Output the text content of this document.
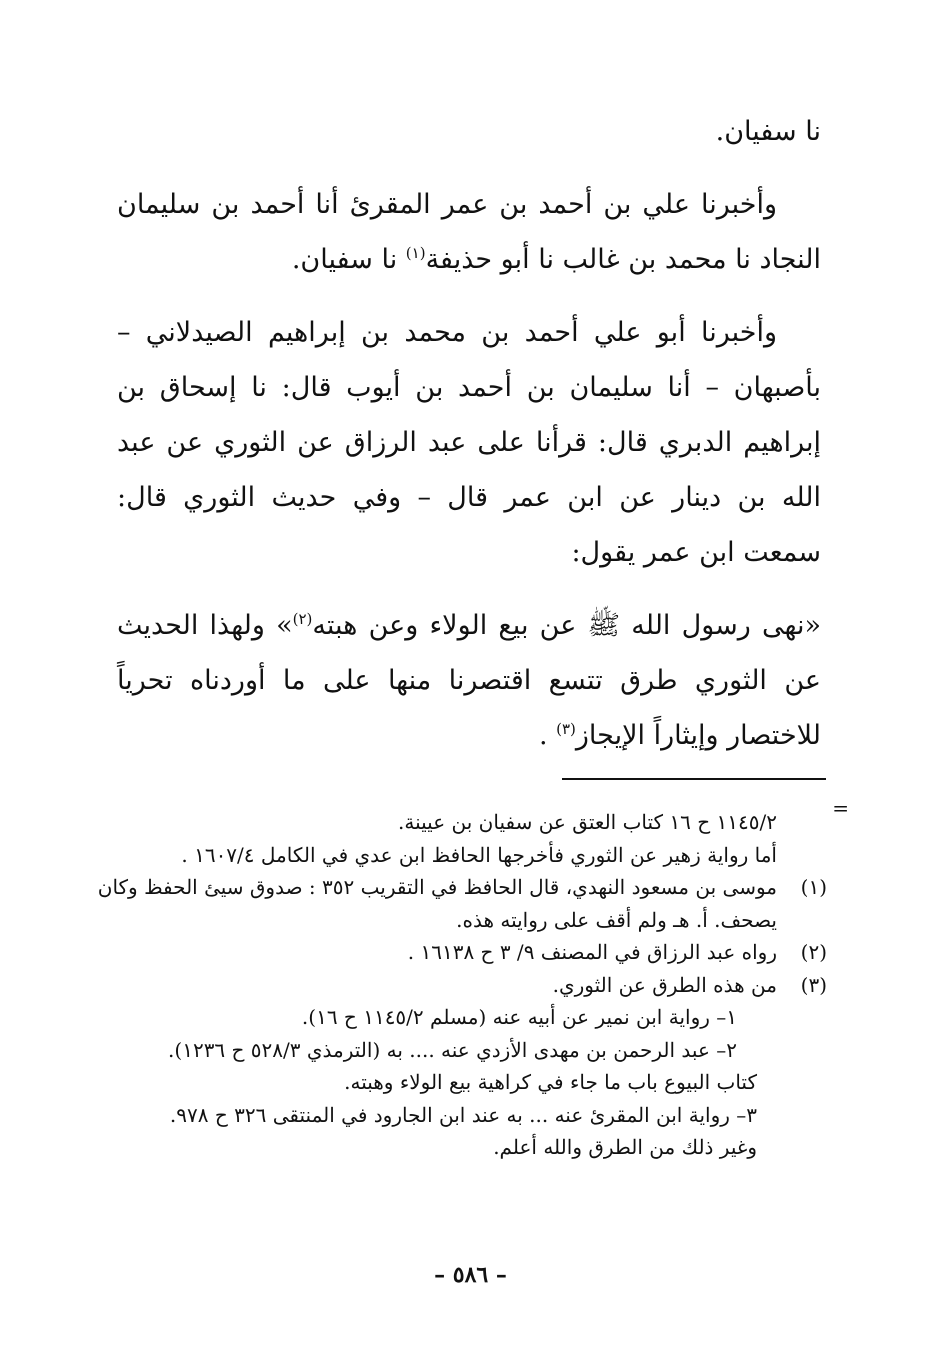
نا سفيان.

وأخبرنا علي بن أحمد بن عمر المقرئ أنا أحمد بن سليمان النجاد نا محمد بن غالب نا أبو حذيفة$^{(١)}$ نا سفيان.

وأخبرنا أبو علي أحمد بن محمد بن إبراهيم الصيدلاني – بأصبهان – أنا سليمان بن أحمد بن أيوب قال: نا إسحاق بن إبراهيم الدبري قال: قرأنا على عبد الرزاق عن الثوري عن عبد الله بن دينار عن ابن عمر قال – وفي حديث الثوري قال: سمعت ابن عمر يقول:

«نهى رسول الله ﷺ عن بيع الولاء وعن هبته$^{(٢)}$» ولهذا الحديث عن الثوري طرق تتسع اقتصرنا منها على ما أوردناه تحرياً للاختصار وإيثاراً الإيجاز$^{(٣)}$ .

=
١١٤٥/٢ ح ١٦ كتاب العتق عن سفيان بن عيينة.
أما رواية زهير عن الثوري فأخرجها الحافظ ابن عدي في الكامل ١٦٠٧/٤ .
(١)موسى بن مسعود النهدي، قال الحافظ في التقريب ٣٥٢ : صدوق سيئ الحفظ وكان
يصحف. أ. هـ ولم أقف على روايته هذه.
(٢)رواه عبد الرزاق في المصنف ٩/ ٣ ح ١٦١٣٨ .
(٣)من هذه الطرق عن الثوري.
١– رواية ابن نمير عن أبيه عنه (مسلم ١١٤٥/٢ ح ١٦).
٢– عبد الرحمن بن مهدى الأزدي عنه .... به (الترمذي ٥٢٨/٣ ح ١٢٣٦).
كتاب البيوع باب ما جاء في كراهية بيع الولاء وهبته.
٣– رواية ابن المقرئ عنه ... به عند ابن الجارود في المنتقى ٣٢٦ ح ٩٧٨.
وغير ذلك من الطرق والله أعلم.
– ٥٨٦ –
